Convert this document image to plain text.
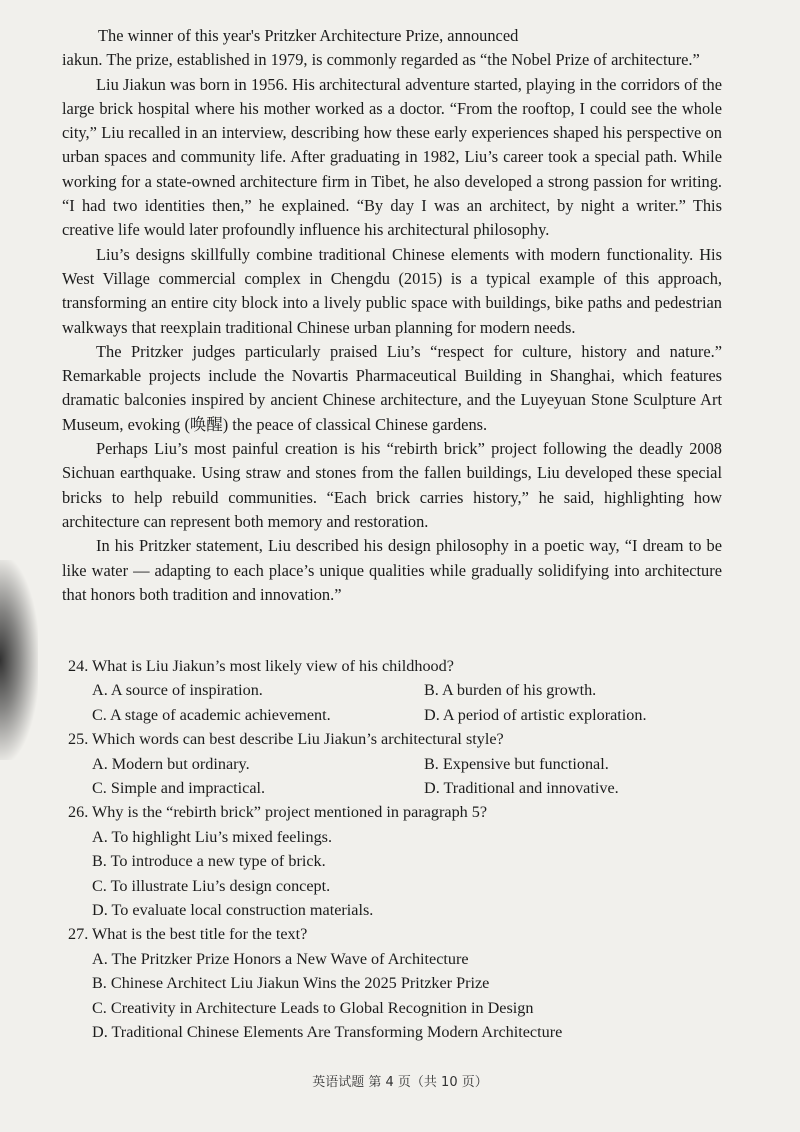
The winner of this year's Pritzker Architecture Prize, announced

iakun. The prize, established in 1979, is commonly regarded as “the Nobel Prize of architecture.”

Liu Jiakun was born in 1956. His architectural adventure started, playing in the corridors of the large brick hospital where his mother worked as a doctor. “From the rooftop, I could see the whole city,” Liu recalled in an interview, describing how these early experiences shaped his perspective on urban spaces and community life. After graduating in 1982, Liu’s career took a special path. While working for a state-owned architecture firm in Tibet, he also developed a strong passion for writing. “I had two identities then,” he explained. “By day I was an architect, by night a writer.” This creative life would later profoundly influence his architectural philosophy.

Liu’s designs skillfully combine traditional Chinese elements with modern functionality. His West Village commercial complex in Chengdu (2015) is a typical example of this approach, transforming an entire city block into a lively public space with buildings, bike paths and pedestrian walkways that reexplain traditional Chinese urban planning for modern needs.

The Pritzker judges particularly praised Liu’s “respect for culture, history and nature.” Remarkable projects include the Novartis Pharmaceutical Building in Shanghai, which features dramatic balconies inspired by ancient Chinese architecture, and the Luyeyuan Stone Sculpture Art Museum, evoking (唤醒) the peace of classical Chinese gardens.

Perhaps Liu’s most painful creation is his “rebirth brick” project following the deadly 2008 Sichuan earthquake. Using straw and stones from the fallen buildings, Liu developed these special bricks to help rebuild communities. “Each brick carries history,” he said, highlighting how architecture can represent both memory and restoration.

In his Pritzker statement, Liu described his design philosophy in a poetic way, “I dream to be like water — adapting to each place’s unique qualities while gradually solidifying into architecture that honors both tradition and innovation.”

24. What is Liu Jiakun’s most likely view of his childhood?

A. A source of inspiration.	B. A burden of his growth.

C. A stage of academic achievement.	D. A period of artistic exploration.

25. Which words can best describe Liu Jiakun’s architectural style?

A. Modern but ordinary.	B. Expensive but functional.

C. Simple and impractical.	D. Traditional and innovative.

26. Why is the “rebirth brick” project mentioned in paragraph 5?

A. To highlight Liu’s mixed feelings.

B. To introduce a new type of brick.

C. To illustrate Liu’s design concept.

D. To evaluate local construction materials.

27. What is the best title for the text?

A. The Pritzker Prize Honors a New Wave of Architecture

B. Chinese Architect Liu Jiakun Wins the 2025 Pritzker Prize

C. Creativity in Architecture Leads to Global Recognition in Design

D. Traditional Chinese Elements Are Transforming Modern Architecture

英语试题 第 4 页（共 10 页）
